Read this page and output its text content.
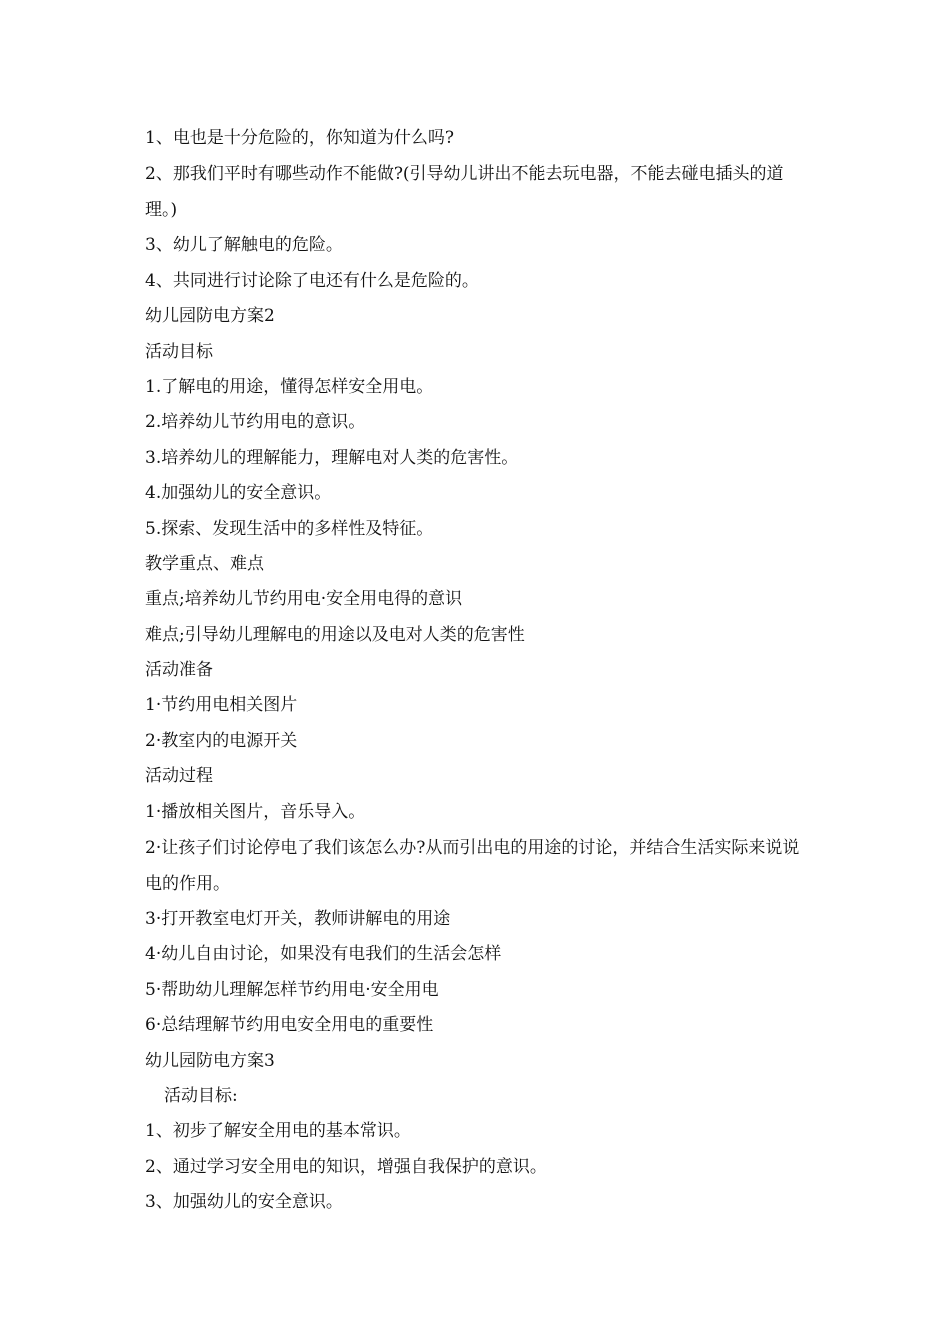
1、电也是十分危险的，你知道为什么吗?
2、那我们平时有哪些动作不能做?(引导幼儿讲出不能去玩电器，不能去碰电插头的道理。)
3、幼儿了解触电的危险。
4、共同进行讨论除了电还有什么是危险的。
幼儿园防电方案2
活动目标
1.了解电的用途，懂得怎样安全用电。
2.培养幼儿节约用电的意识。
3.培养幼儿的理解能力，理解电对人类的危害性。
4.加强幼儿的安全意识。
5.探索、发现生活中的多样性及特征。
教学重点、难点
重点;培养幼儿节约用电·安全用电得的意识
难点;引导幼儿理解电的用途以及电对人类的危害性
活动准备
1·节约用电相关图片
2·教室内的电源开关
活动过程
1·播放相关图片，音乐导入。
2·让孩子们讨论停电了我们该怎么办?从而引出电的用途的讨论，并结合生活实际来说说电的作用。
3·打开教室电灯开关，教师讲解电的用途
4·幼儿自由讨论，如果没有电我们的生活会怎样
5·帮助幼儿理解怎样节约用电·安全用电
6·总结理解节约用电安全用电的重要性
幼儿园防电方案3
活动目标:
1、初步了解安全用电的基本常识。
2、通过学习安全用电的知识，增强自我保护的意识。
3、加强幼儿的安全意识。
